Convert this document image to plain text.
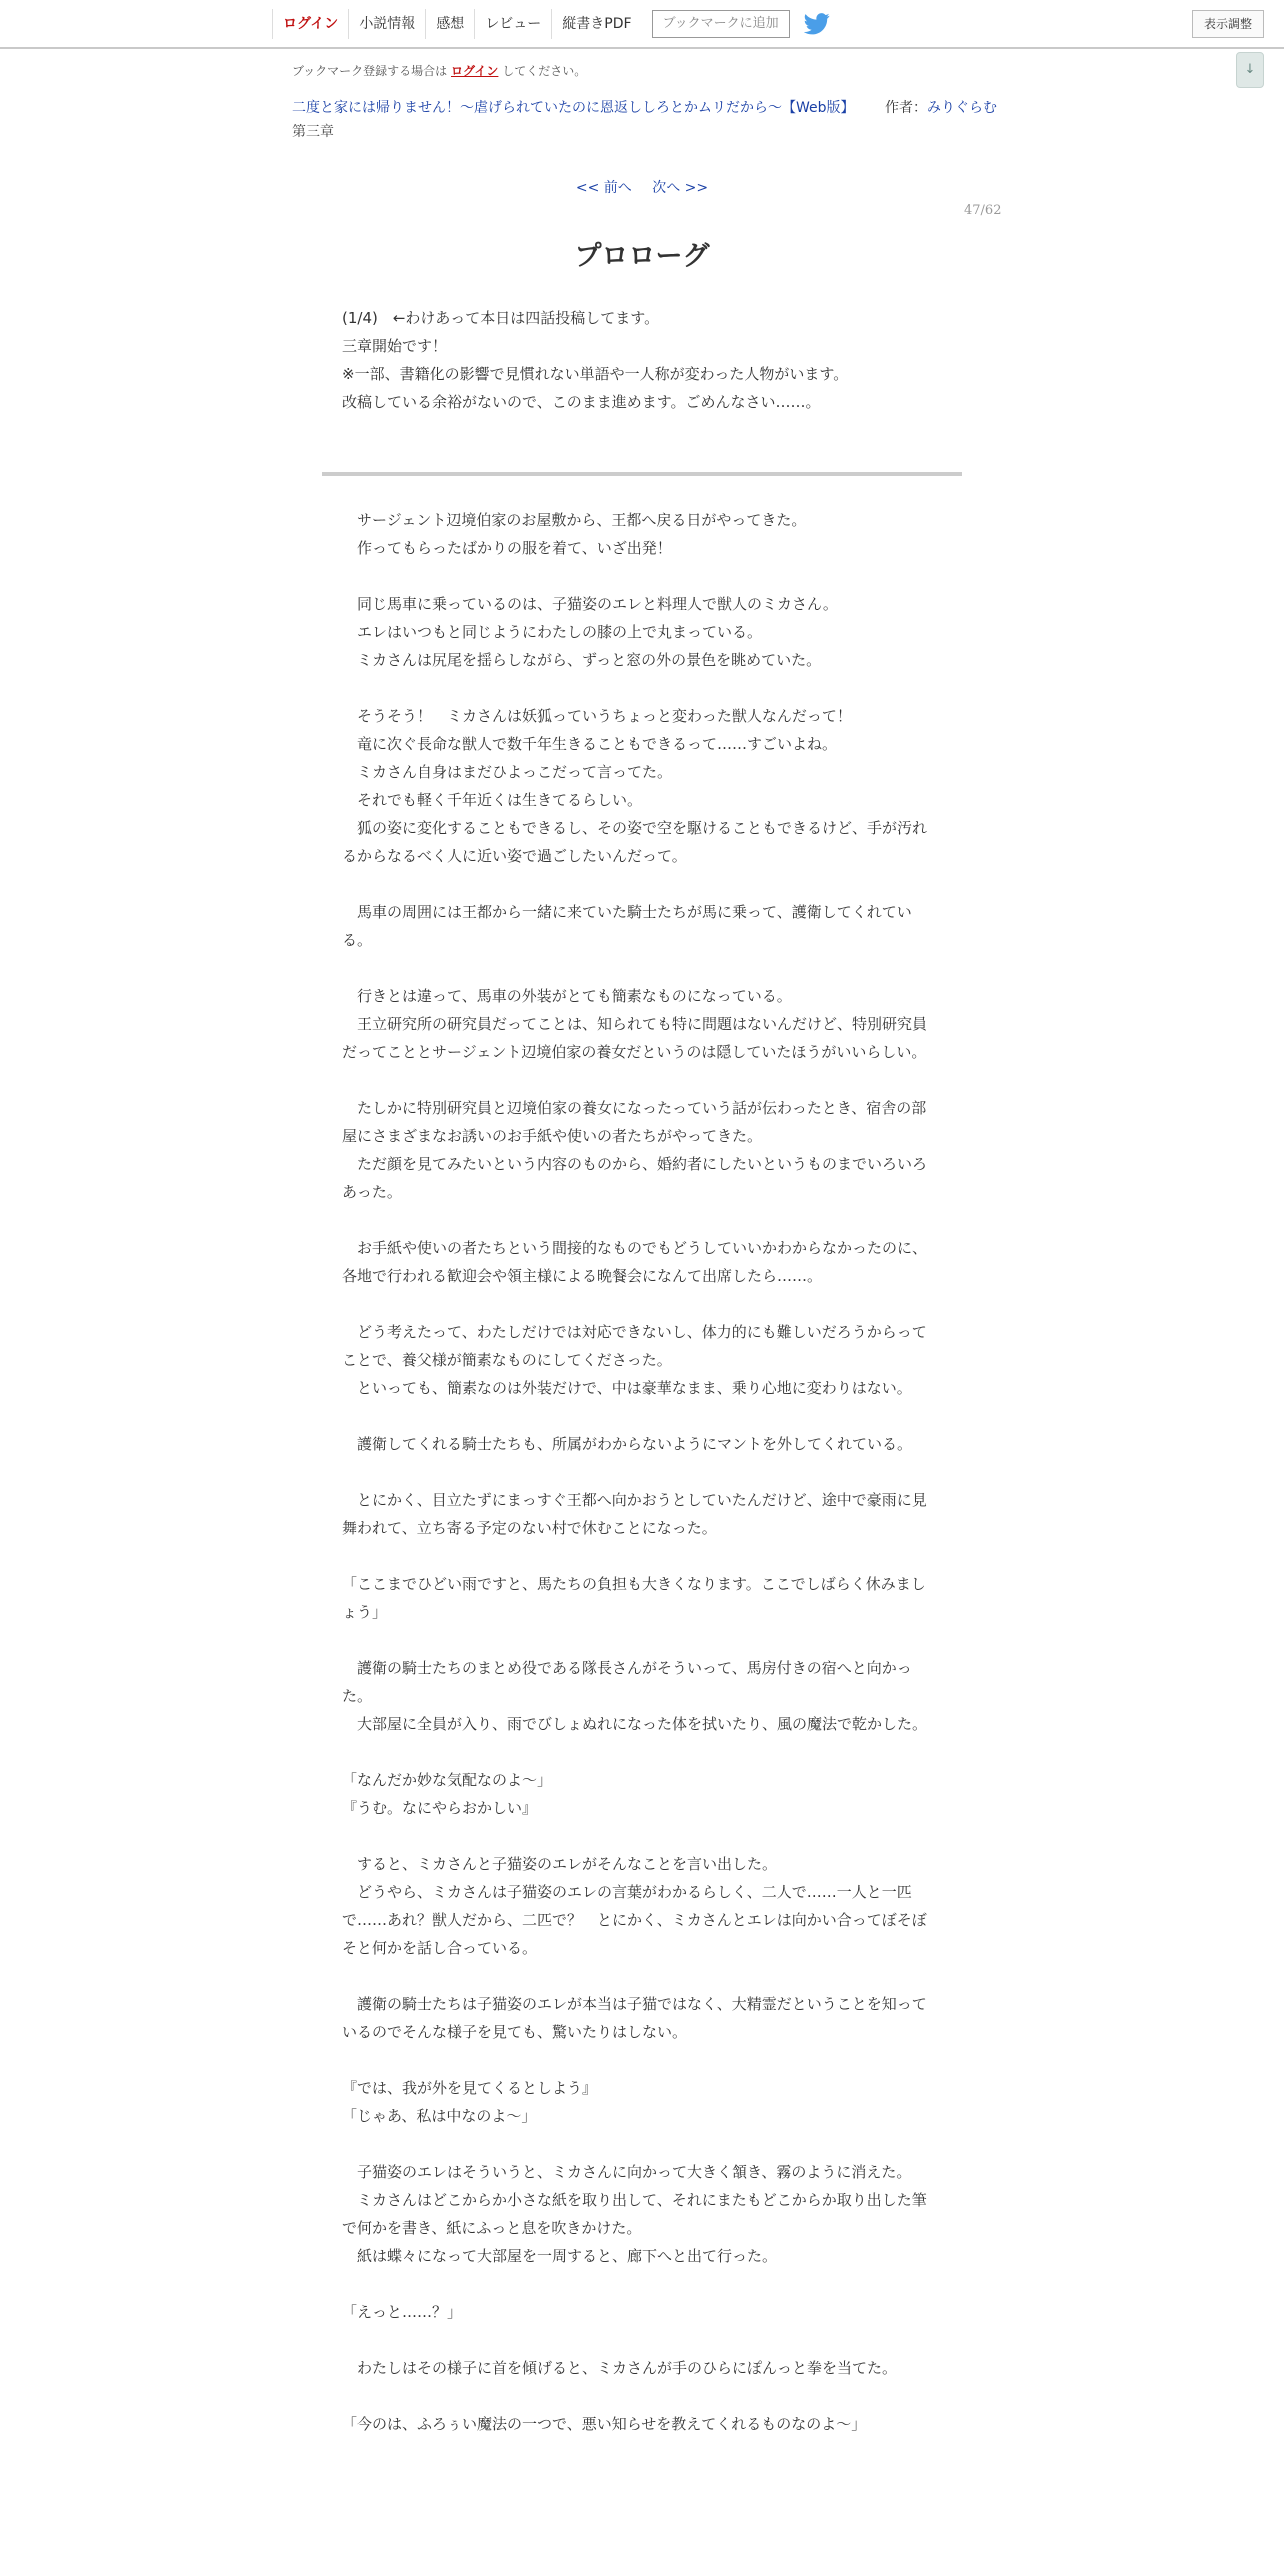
ログイン	小説情報	感想	レビュー	縦書きPDF	ブックマークに追加	表示調整
↓
ブックマーク登録する場合は ログイン してください。
二度と家には帰りません！～虐げられていたのに恩返ししろとかムリだから～【Web版】 作者：みりぐらむ
第三章
<< 前へ 次へ >>
47/62
プロローグ

(1/4)　←わけあって本日は四話投稿してます。

三章開始です！

※一部、書籍化の影響で見慣れない単語や一人称が変わった人物がいます。

改稿している余裕がないので、このまま進めます。ごめんなさい……。

　サージェント辺境伯家のお屋敷から、王都へ戻る日がやってきた。

　作ってもらったばかりの服を着て、いざ出発！

　同じ馬車に乗っているのは、子猫姿のエレと料理人で獣人のミカさん。

　エレはいつもと同じようにわたしの膝の上で丸まっている。

　ミカさんは尻尾を揺らしながら、ずっと窓の外の景色を眺めていた。

　そうそう！　ミカさんは妖狐っていうちょっと変わった獣人なんだって！

　竜に次ぐ長命な獣人で数千年生きることもできるって……すごいよね。

　ミカさん自身はまだひよっこだって言ってた。

　それでも軽く千年近くは生きてるらしい。

　狐の姿に変化することもできるし、その姿で空を駆けることもできるけど、手が汚れるからなるべく人に近い姿で過ごしたいんだって。

　馬車の周囲には王都から一緒に来ていた騎士たちが馬に乗って、護衛してくれている。

　行きとは違って、馬車の外装がとても簡素なものになっている。

　王立研究所の研究員だってことは、知られても特に問題はないんだけど、特別研究員だってこととサージェント辺境伯家の養女だというのは隠していたほうがいいらしい。

　たしかに特別研究員と辺境伯家の養女になったっていう話が伝わったとき、宿舎の部屋にさまざまなお誘いのお手紙や使いの者たちがやってきた。

　ただ顔を見てみたいという内容のものから、婚約者にしたいというものまでいろいろあった。

　お手紙や使いの者たちという間接的なものでもどうしていいかわからなかったのに、各地で行われる歓迎会や領主様による晩餐会になんて出席したら……。

　どう考えたって、わたしだけでは対応できないし、体力的にも難しいだろうからってことで、養父様が簡素なものにしてくださった。

　といっても、簡素なのは外装だけで、中は豪華なまま、乗り心地に変わりはない。

　護衛してくれる騎士たちも、所属がわからないようにマントを外してくれている。

　とにかく、目立たずにまっすぐ王都へ向かおうとしていたんだけど、途中で豪雨に見舞われて、立ち寄る予定のない村で休むことになった。

「ここまでひどい雨ですと、馬たちの負担も大きくなります。ここでしばらく休みましょう」

　護衛の騎士たちのまとめ役である隊長さんがそういって、馬房付きの宿へと向かった。

　大部屋に全員が入り、雨でびしょぬれになった体を拭いたり、風の魔法で乾かした。

「なんだか妙な気配なのよ～」

『うむ。なにやらおかしい』

　すると、ミカさんと子猫姿のエレがそんなことを言い出した。

　どうやら、ミカさんは子猫姿のエレの言葉がわかるらしく、二人で……一人と一匹で……あれ？獣人だから、二匹で？　とにかく、ミカさんとエレは向かい合ってぼそぼそと何かを話し合っている。

　護衛の騎士たちは子猫姿のエレが本当は子猫ではなく、大精霊だということを知っているのでそんな様子を見ても、驚いたりはしない。

『では、我が外を見てくるとしよう』

「じゃあ、私は中なのよ～」

　子猫姿のエレはそういうと、ミカさんに向かって大きく頷き、霧のように消えた。

　ミカさんはどこからか小さな紙を取り出して、それにまたもどこからか取り出した筆で何かを書き、紙にふっと息を吹きかけた。

　紙は蝶々になって大部屋を一周すると、廊下へと出て行った。

「えっと……？」

　わたしはその様子に首を傾げると、ミカさんが手のひらにぽんっと拳を当てた。

「今のは、ふろぅい魔法の一つで、悪い知らせを教えてくれるものなのよ～」
